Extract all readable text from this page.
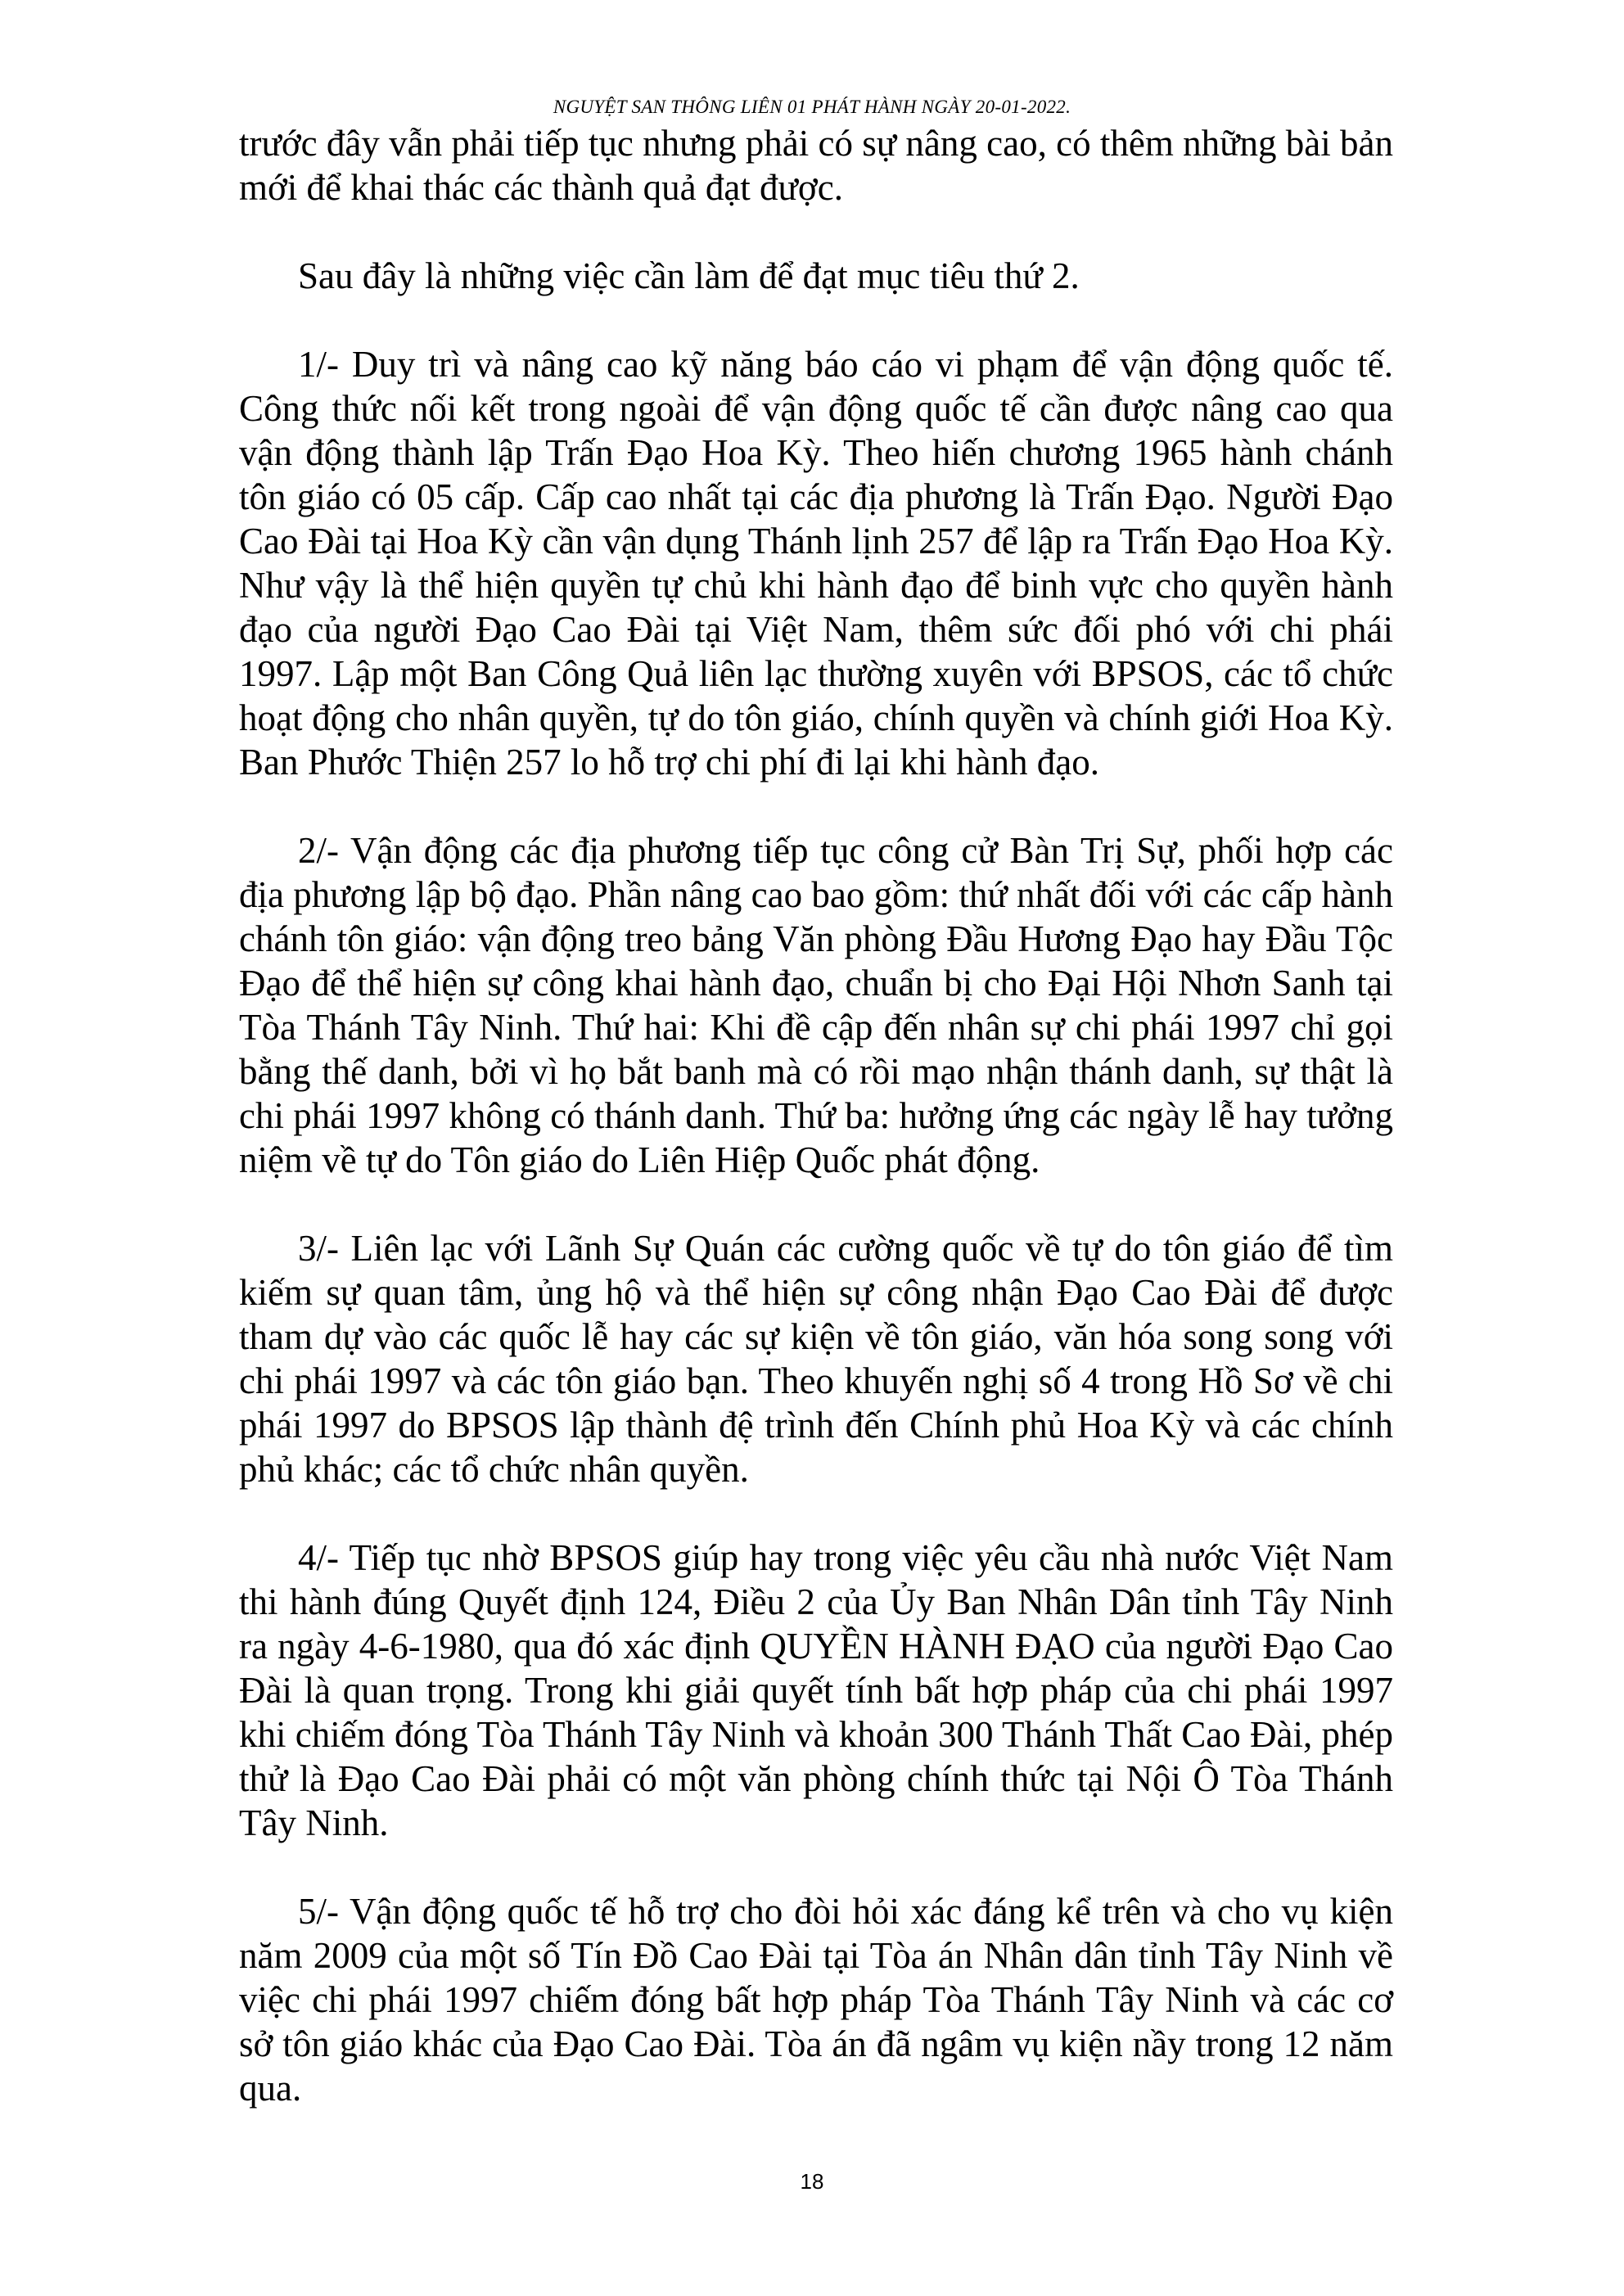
NGUYỆT SAN THÔNG LIÊN 01 PHÁT HÀNH NGÀY 20-01-2022.

trước đây vẫn phải tiếp tục nhưng phải có sự nâng cao, có thêm những bài bản mới để khai thác các thành quả đạt được.

Sau đây là những việc cần làm để đạt mục tiêu thứ 2.

1/- Duy trì và nâng cao kỹ năng báo cáo vi phạm để vận động quốc tế. Công thức nối kết trong ngoài để vận động quốc tế cần được nâng cao qua vận động thành lập Trấn Đạo Hoa Kỳ. Theo hiến chương 1965 hành chánh tôn giáo có 05 cấp. Cấp cao nhất tại các địa phương là Trấn Đạo. Người Đạo Cao Đài tại Hoa Kỳ cần vận dụng Thánh lịnh 257 để lập ra Trấn Đạo Hoa Kỳ. Như vậy là thể hiện quyền tự chủ khi hành đạo để binh vực cho quyền hành đạo của người Đạo Cao Đài tại Việt Nam, thêm sức đối phó với chi phái 1997. Lập một Ban Công Quả liên lạc thường xuyên với BPSOS, các tổ chức hoạt động cho nhân quyền, tự do tôn giáo, chính quyền và chính giới Hoa Kỳ. Ban Phước Thiện 257 lo hỗ trợ chi phí đi lại khi hành đạo.

2/- Vận động các địa phương tiếp tục công cử Bàn Trị Sự, phối hợp các địa phương lập bộ đạo. Phần nâng cao bao gồm: thứ nhất đối với các cấp hành chánh tôn giáo: vận động treo bảng Văn phòng Đầu Hương Đạo hay Đầu Tộc Đạo để thể hiện sự công khai hành đạo, chuẩn bị cho Đại Hội Nhơn Sanh tại Tòa Thánh Tây Ninh. Thứ hai: Khi đề cập đến nhân sự chi phái 1997 chỉ gọi bằng thế danh, bởi vì họ bắt banh mà có rồi mạo nhận thánh danh, sự thật là chi phái 1997 không có thánh danh. Thứ ba: hưởng ứng các ngày lễ hay tưởng niệm về tự do Tôn giáo do Liên Hiệp Quốc phát động.

3/- Liên lạc với Lãnh Sự Quán các cường quốc về tự do tôn giáo để tìm kiếm sự quan tâm, ủng hộ và thể hiện sự công nhận Đạo Cao Đài để được tham dự vào các quốc lễ hay các sự kiện về tôn giáo, văn hóa song song với chi phái 1997 và các tôn giáo bạn. Theo khuyến nghị số 4 trong Hồ Sơ về chi phái 1997 do BPSOS lập thành đệ trình đến Chính phủ Hoa Kỳ và các chính phủ khác; các tổ chức nhân quyền.

4/- Tiếp tục nhờ BPSOS giúp hay trong việc yêu cầu nhà nước Việt Nam thi hành đúng Quyết định 124, Điều 2 của Ủy Ban Nhân Dân tỉnh Tây Ninh ra ngày 4-6-1980, qua đó xác định QUYỀN HÀNH ĐẠO của người Đạo Cao Đài là quan trọng. Trong khi giải quyết tính bất hợp pháp của chi phái 1997 khi chiếm đóng Tòa Thánh Tây Ninh và khoản 300 Thánh Thất Cao Đài, phép thử là Đạo Cao Đài phải có một văn phòng chính thức tại Nội Ô Tòa Thánh Tây Ninh.

5/- Vận động quốc tế hỗ trợ cho đòi hỏi xác đáng kể trên và cho vụ kiện năm 2009 của một số Tín Đồ Cao Đài tại Tòa án Nhân dân tỉnh Tây Ninh về việc chi phái 1997 chiếm đóng bất hợp pháp Tòa Thánh Tây Ninh và các cơ sở tôn giáo khác của Đạo Cao Đài. Tòa án đã ngâm vụ kiện nầy trong 12 năm qua.

18
